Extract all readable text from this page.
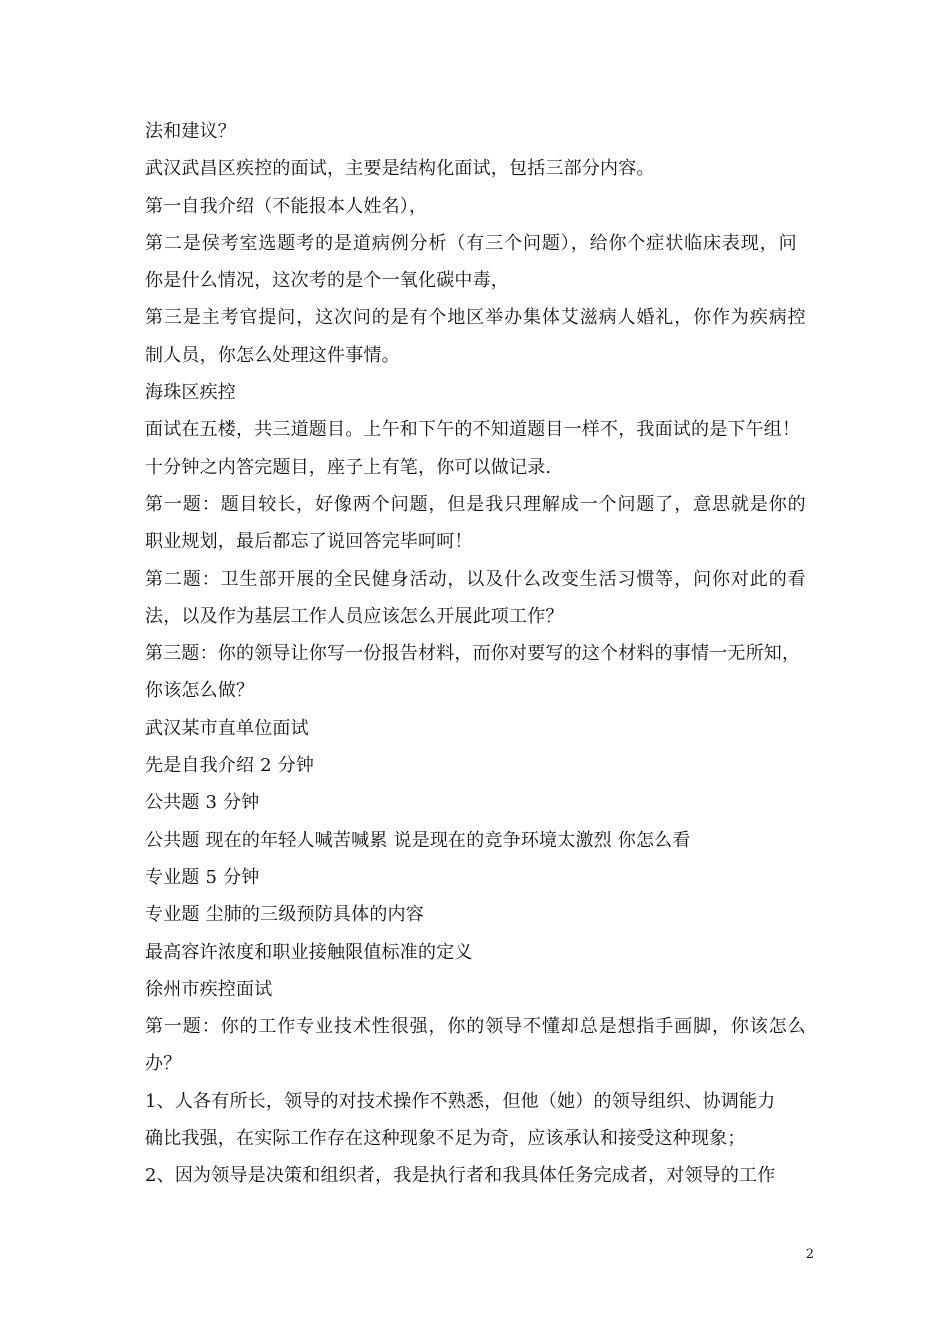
法和建议？
武汉武昌区疾控的面试，主要是结构化面试，包括三部分内容。
第一自我介绍（不能报本人姓名），
第二是侯考室选题考的是道病例分析（有三个问题），给你个症状临床表现，问
你是什么情况，这次考的是个一氧化碳中毒，
第三是主考官提问，这次问的是有个地区举办集体艾滋病人婚礼，你作为疾病控
制人员，你怎么处理这件事情。
海珠区疾控
面试在五楼，共三道题目。上午和下午的不知道题目一样不，我面试的是下午组！
十分钟之内答完题目，座子上有笔，你可以做记录.
第一题：题目较长，好像两个问题，但是我只理解成一个问题了，意思就是你的
职业规划，最后都忘了说回答完毕呵呵！
第二题：卫生部开展的全民健身活动，以及什么改变生活习惯等，问你对此的看
法，以及作为基层工作人员应该怎么开展此项工作？
第三题：你的领导让你写一份报告材料，而你对要写的这个材料的事情一无所知，
你该怎么做？
武汉某市直单位面试
先是自我介绍 2 分钟
公共题 3 分钟
公共题 现在的年轻人喊苦喊累 说是现在的竞争环境太激烈 你怎么看
专业题 5 分钟
专业题 尘肺的三级预防具体的内容
最高容许浓度和职业接触限值标准的定义
徐州市疾控面试
第一题：你的工作专业技术性很强，你的领导不懂却总是想指手画脚，你该怎么
办？
1、人各有所长，领导的对技术操作不熟悉，但他（她）的领导组织、协调能力
确比我强，在实际工作存在这种现象不足为奇，应该承认和接受这种现象；
2、因为领导是决策和组织者，我是执行者和我具体任务完成者，对领导的工作
2
